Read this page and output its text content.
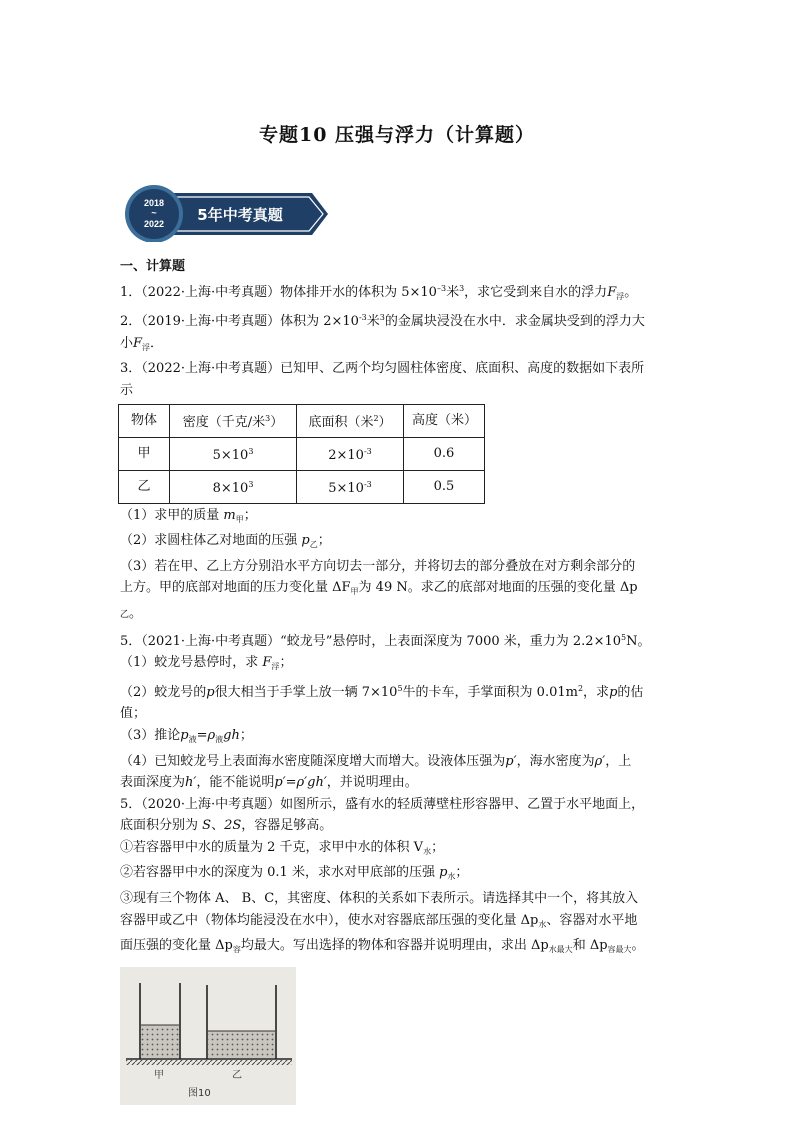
专题10 压强与浮力（计算题）
2018
~
2022 5年中考真题

一、计算题

1．（2022·上海·中考真题）物体排开水的体积为 $5\times 10^{-3}$米$^3$，求它受到来自水的浮力$F_浮$。

2．（2019·上海·中考真题）体积为 $2\times 10^{-3}$米$^3$的金属块浸没在水中．求金属块受到的浮力大
小$F_浮$．

3．（2022·上海·中考真题）已知甲、乙两个均匀圆柱体密度、底面积、高度的数据如下表所
示

物体	密度（千克/米$^3$）	底面积（米$^2$）	高度（米）
甲	$5\times 10^3$	$2\times 10^{-3}$	0.6
乙	$8\times 10^3$	$5\times 10^{-3}$	0.5

（1）求甲的质量 $m_甲$；
（2）求圆柱体乙对地面的压强 $p_乙$；
（3）若在甲、乙上方分别沿水平方向切去一部分，并将切去的部分叠放在对方剩余部分的
上方。甲的底部对地面的压力变化量 $\Delta F_甲$为 49 N。求乙的底部对地面的压强的变化量 Δp
乙。

5．（2021·上海·中考真题）“蛟龙号”悬停时，上表面深度为 7000 米，重力为 $2.2\times 10^5N$。
（1）蛟龙号悬停时，求 $F_浮$；
（2）蛟龙号的p很大相当于手掌上放一辆 $7\times 10^5$牛的卡车，手掌面积为 $0.01m^2$，求p的估
值；
（3）推论$p_液=\rho_液gh$；
（4）已知蛟龙号上表面海水密度随深度增大而增大。设液体压强为p′，海水密度为ρ′，上
表面深度为h′，能不能说明p′=ρ′gh′，并说明理由。

5．（2020·上海·中考真题）如图所示，盛有水的轻质薄壁柱形容器甲、乙置于水平地面上，
底面积分别为 S、2S，容器足够高。
①若容器甲中水的质量为 2 千克，求甲中水的体积 $V_水$；
②若容器甲中水的深度为 0.1 米，求水对甲底部的压强 $p_水$；
③现有三个物体 A、 B、C，其密度、体积的关系如下表所示。请选择其中一个，将其放入
容器甲或乙中（物体均能浸没在水中），使水对容器底部压强的变化量 $\Delta p_水$、容器对水平地
面压强的变化量 $\Delta p_容$均最大。写出选择的物体和容器并说明理由，求出 $\Delta p_{水最大}$和 $\Delta p_{容最大}$。

甲	乙
图10
